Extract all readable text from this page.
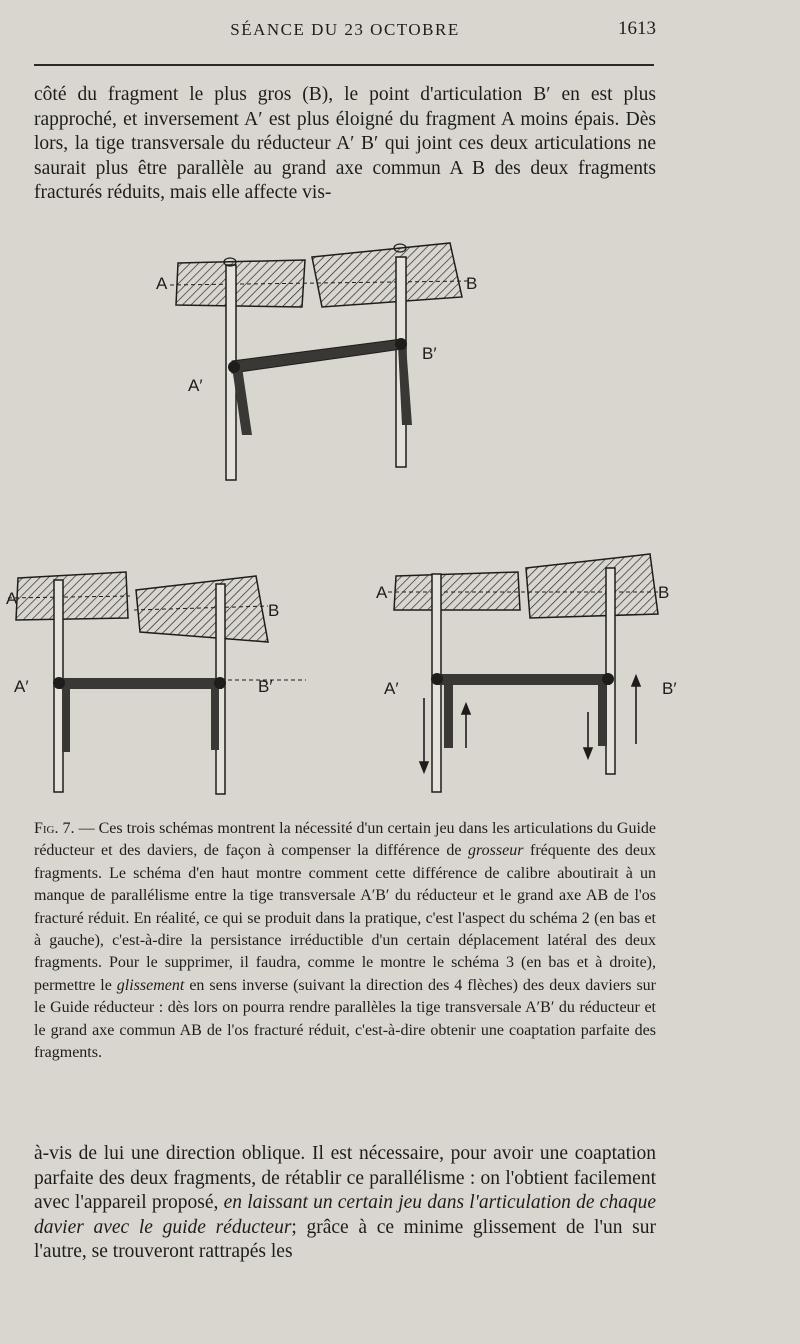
SÉANCE DU 23 OCTOBRE	1613

côté du fragment le plus gros (B), le point d'articulation B′ en est plus rapproché, et inversement A′ est plus éloigné du fragment A moins épais. Dès lors, la tige transversale du réducteur A′ B′ qui joint ces deux articulations ne saurait plus être parallèle au grand axe commun A B des deux fragments fracturés réduits, mais elle affecte vis-

A	B
A′
B′
A
B
A′	B′
A	B
A′	B′
Fig. 7. — Ces trois schémas montrent la nécessité d'un certain jeu dans les articulations du Guide réducteur et des daviers, de façon à compenser la différence de grosseur fréquente des deux fragments. Le schéma d'en haut montre comment cette différence de calibre aboutirait à un manque de parallélisme entre la tige transversale A′B′ du réducteur et le grand axe AB de l'os fracturé réduit. En réalité, ce qui se produit dans la pratique, c'est l'aspect du schéma 2 (en bas et à gauche), c'est-à-dire la persistance irréductible d'un certain déplacement latéral des deux fragments. Pour le supprimer, il faudra, comme le montre le schéma 3 (en bas et à droite), permettre le glissement en sens inverse (suivant la direction des 4 flèches) des deux daviers sur le Guide réducteur : dès lors on pourra rendre parallèles la tige transversale A′B′ du réducteur et le grand axe commun AB de l'os fracturé réduit, c'est-à-dire obtenir une coaptation parfaite des fragments.

à-vis de lui une direction oblique. Il est nécessaire, pour avoir une coaptation parfaite des deux fragments, de rétablir ce parallélisme : on l'obtient facilement avec l'appareil proposé, en laissant un certain jeu dans l'articulation de chaque davier avec le guide réducteur; grâce à ce minime glissement de l'un sur l'autre, se trouveront rattrapés les
